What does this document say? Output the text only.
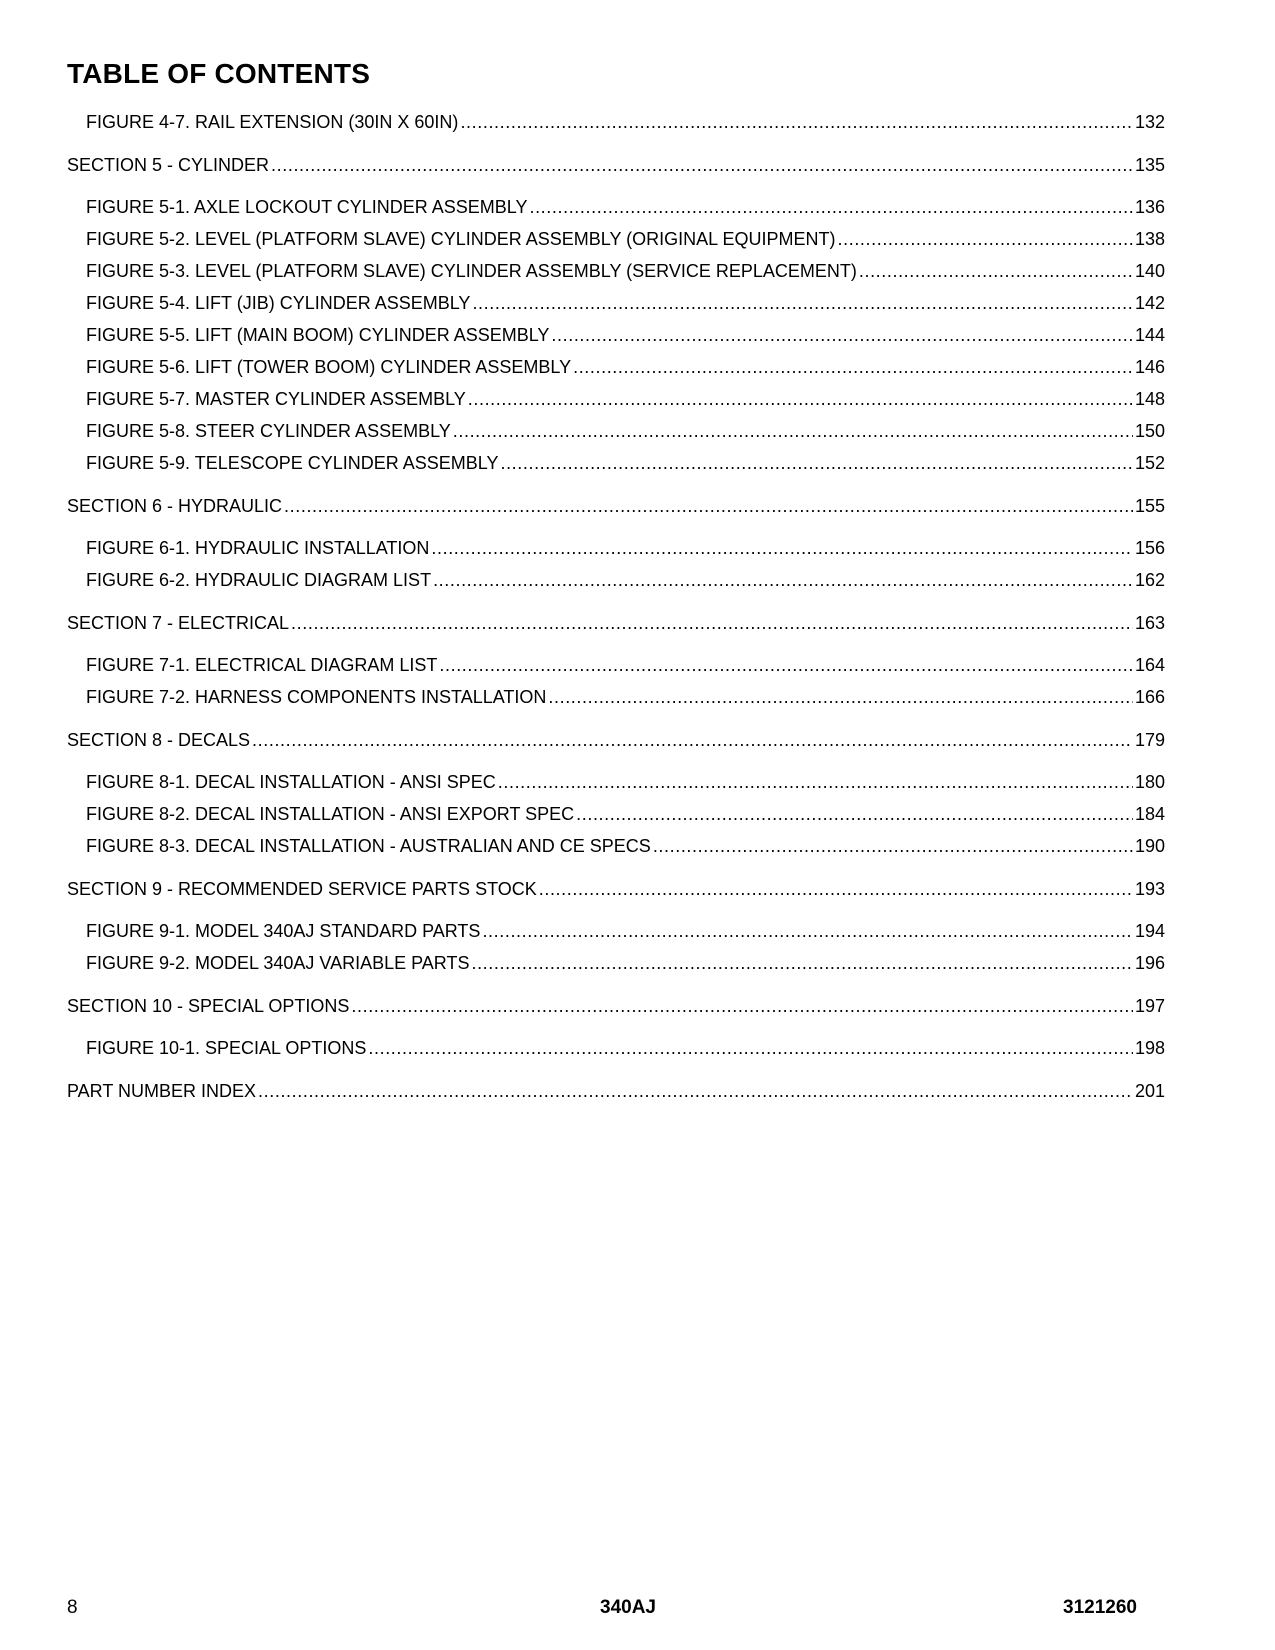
TABLE OF CONTENTS
FIGURE 4-7. RAIL EXTENSION (30IN X 60IN) .....	132
SECTION 5 - CYLINDER .....	135
FIGURE 5-1. AXLE LOCKOUT CYLINDER ASSEMBLY .....	136
FIGURE 5-2. LEVEL (PLATFORM SLAVE) CYLINDER ASSEMBLY (ORIGINAL EQUIPMENT) .....	138
FIGURE 5-3. LEVEL (PLATFORM SLAVE) CYLINDER ASSEMBLY (SERVICE REPLACEMENT) .....	140
FIGURE 5-4. LIFT (JIB) CYLINDER ASSEMBLY .....	142
FIGURE 5-5. LIFT (MAIN BOOM) CYLINDER ASSEMBLY .....	144
FIGURE 5-6. LIFT (TOWER BOOM) CYLINDER ASSEMBLY .....	146
FIGURE 5-7. MASTER CYLINDER ASSEMBLY .....	148
FIGURE 5-8. STEER CYLINDER ASSEMBLY .....	150
FIGURE 5-9. TELESCOPE CYLINDER ASSEMBLY .....	152
SECTION 6 - HYDRAULIC .....	155
FIGURE 6-1. HYDRAULIC INSTALLATION .....	156
FIGURE 6-2. HYDRAULIC DIAGRAM LIST .....	162
SECTION 7 - ELECTRICAL .....	163
FIGURE 7-1. ELECTRICAL DIAGRAM LIST .....	164
FIGURE 7-2. HARNESS COMPONENTS INSTALLATION .....	166
SECTION 8 - DECALS .....	179
FIGURE 8-1. DECAL INSTALLATION - ANSI SPEC .....	180
FIGURE 8-2. DECAL INSTALLATION - ANSI EXPORT SPEC .....	184
FIGURE 8-3. DECAL INSTALLATION - AUSTRALIAN AND CE SPECS .....	190
SECTION 9 - RECOMMENDED SERVICE PARTS STOCK .....	193
FIGURE 9-1. MODEL 340AJ STANDARD PARTS .....	194
FIGURE 9-2. MODEL 340AJ VARIABLE PARTS .....	196
SECTION 10 - SPECIAL OPTIONS .....	197
FIGURE 10-1. SPECIAL OPTIONS .....	198
PART NUMBER INDEX .....	201
8	340AJ	3121260
